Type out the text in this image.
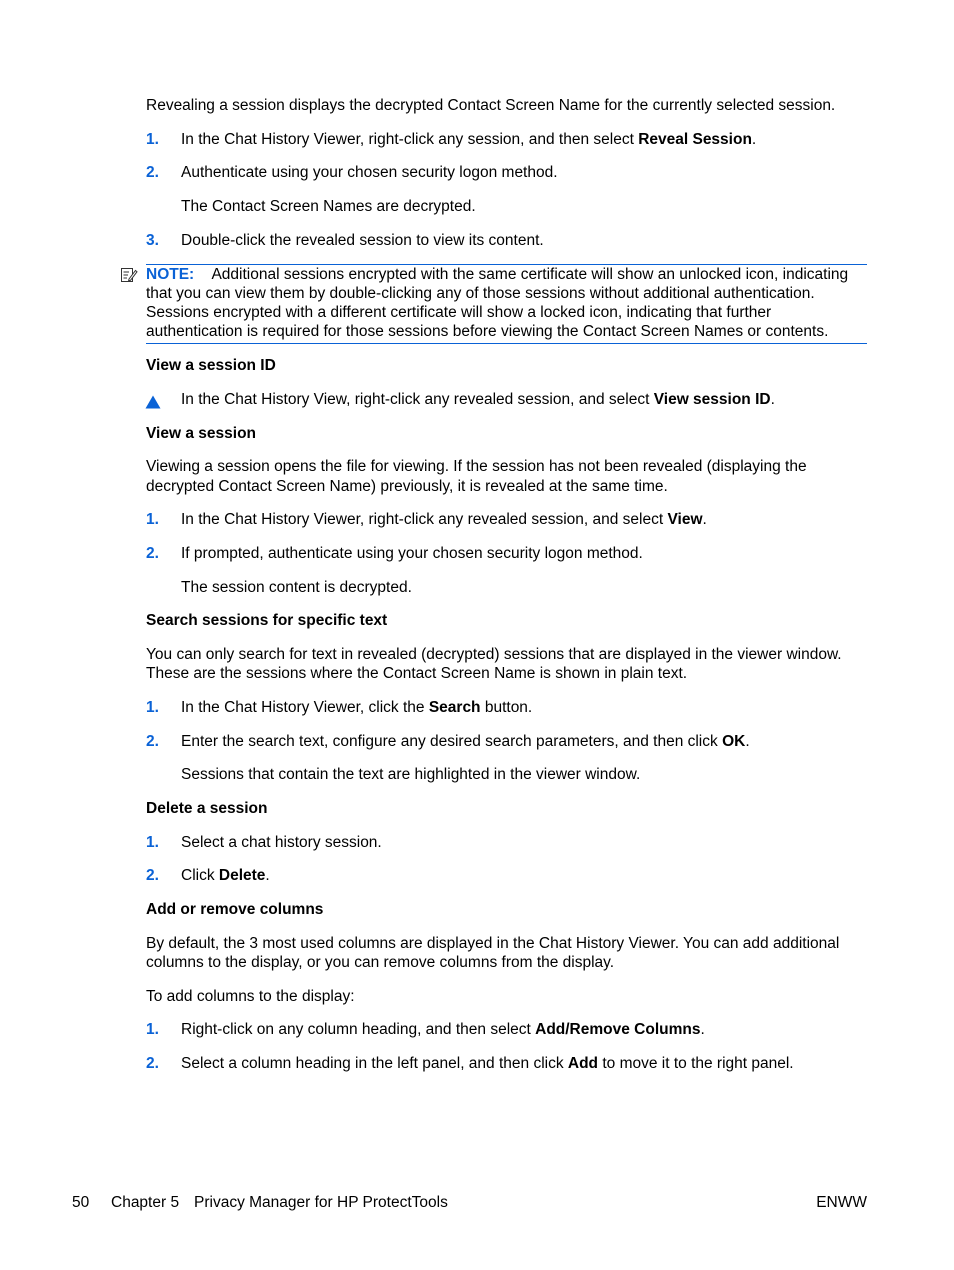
Revealing a session displays the decrypted Contact Screen Name for the currently selected session.
1. In the Chat History Viewer, right-click any session, and then select Reveal Session.
2. Authenticate using your chosen security logon method.
The Contact Screen Names are decrypted.
3. Double-click the revealed session to view its content.
NOTE: Additional sessions encrypted with the same certificate will show an unlocked icon, indicating
that you can view them by double-clicking any of those sessions without additional authentication.
Sessions encrypted with a different certificate will show a locked icon, indicating that further
authentication is required for those sessions before viewing the Contact Screen Names or contents.
View a session ID
In the Chat History View, right-click any revealed session, and select View session ID.
View a session
Viewing a session opens the file for viewing. If the session has not been revealed (displaying the
decrypted Contact Screen Name) previously, it is revealed at the same time.
1. In the Chat History Viewer, right-click any revealed session, and select View.
2. If prompted, authenticate using your chosen security logon method.
The session content is decrypted.
Search sessions for specific text
You can only search for text in revealed (decrypted) sessions that are displayed in the viewer window.
These are the sessions where the Contact Screen Name is shown in plain text.
1. In the Chat History Viewer, click the Search button.
2. Enter the search text, configure any desired search parameters, and then click OK.
Sessions that contain the text are highlighted in the viewer window.
Delete a session
1. Select a chat history session.
2. Click Delete.
Add or remove columns
By default, the 3 most used columns are displayed in the Chat History Viewer. You can add additional
columns to the display, or you can remove columns from the display.
To add columns to the display:
1. Right-click on any column heading, and then select Add/Remove Columns.
2. Select a column heading in the left panel, and then click Add to move it to the right panel.
50 Chapter 5 Privacy Manager for HP ProtectTools	ENWW
